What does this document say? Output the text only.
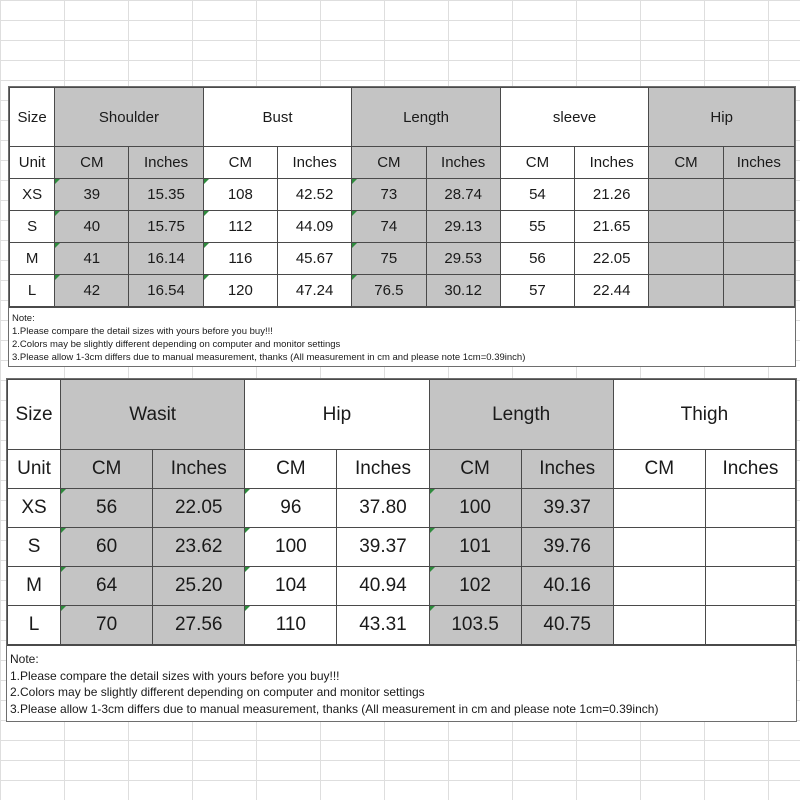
Size	Shoulder		Bust		Length		sleeve		Hip	
Unit	CM	Inches	CM	Inches	CM	Inches	CM	Inches	CM	Inches
XS	39	15.35	108	42.52	73	28.74	54	21.26		
S	40	15.75	112	44.09	74	29.13	55	21.65		
M	41	16.14	116	45.67	75	29.53	56	22.05		
L	42	16.54	120	47.24	76.5	30.12	57	22.44		
Note:
1.Please compare the detail sizes with yours before you buy!!!
2.Colors may be slightly different depending on computer and monitor settings
3.Please allow 1-3cm differs due to manual measurement, thanks (All measurement in cm and please note 1cm=0.39inch)
Size	Wasit		Hip		Length		Thigh	
Unit	CM	Inches	CM	Inches	CM	Inches	CM	Inches
XS	56	22.05	96	37.80	100	39.37		
S	60	23.62	100	39.37	101	39.76		
M	64	25.20	104	40.94	102	40.16		
L	70	27.56	110	43.31	103.5	40.75		
Note:
1.Please compare the detail sizes with yours before you buy!!!
2.Colors may be slightly different depending on computer and monitor settings
3.Please allow 1-3cm differs due to manual measurement, thanks (All measurement in cm and please note 1cm=0.39inch)
